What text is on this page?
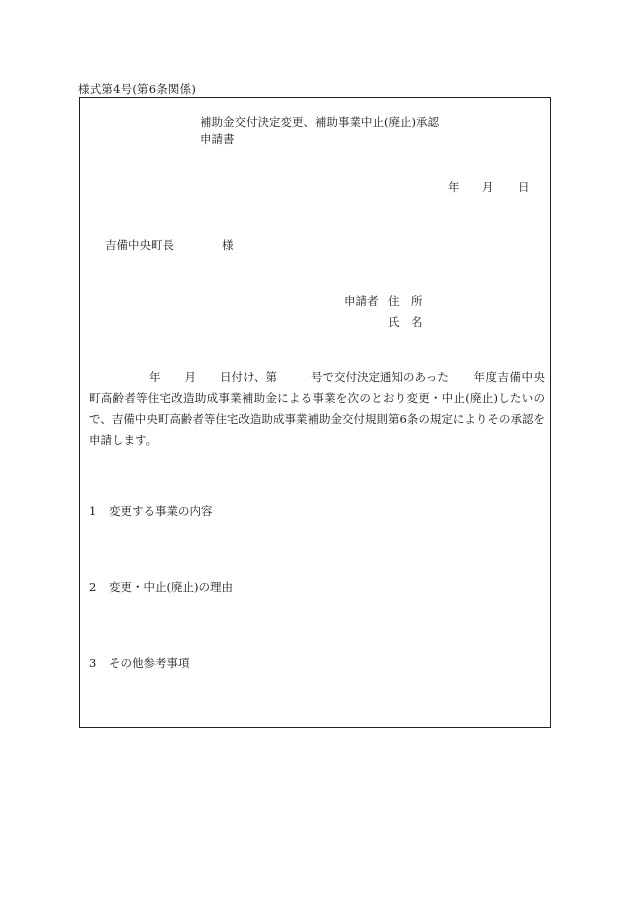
様式第4号(第6条関係)
補助金交付決定変更、補助事業中止(廃止)承認申請書
年 月 日
吉備中央町長	様
申請者 住　所
氏　名
年 月 日付け、第	号で交付決定通知のあった 年度吉備中央町高齢者等住宅改造助成事業補助金による事業を次のとおり変更・中止(廃止)したいので、吉備中央町高齢者等住宅改造助成事業補助金交付規則第6条の規定によりその承認を申請します。
1 変更する事業の内容
2 変更・中止(廃止)の理由
3 その他参考事項
